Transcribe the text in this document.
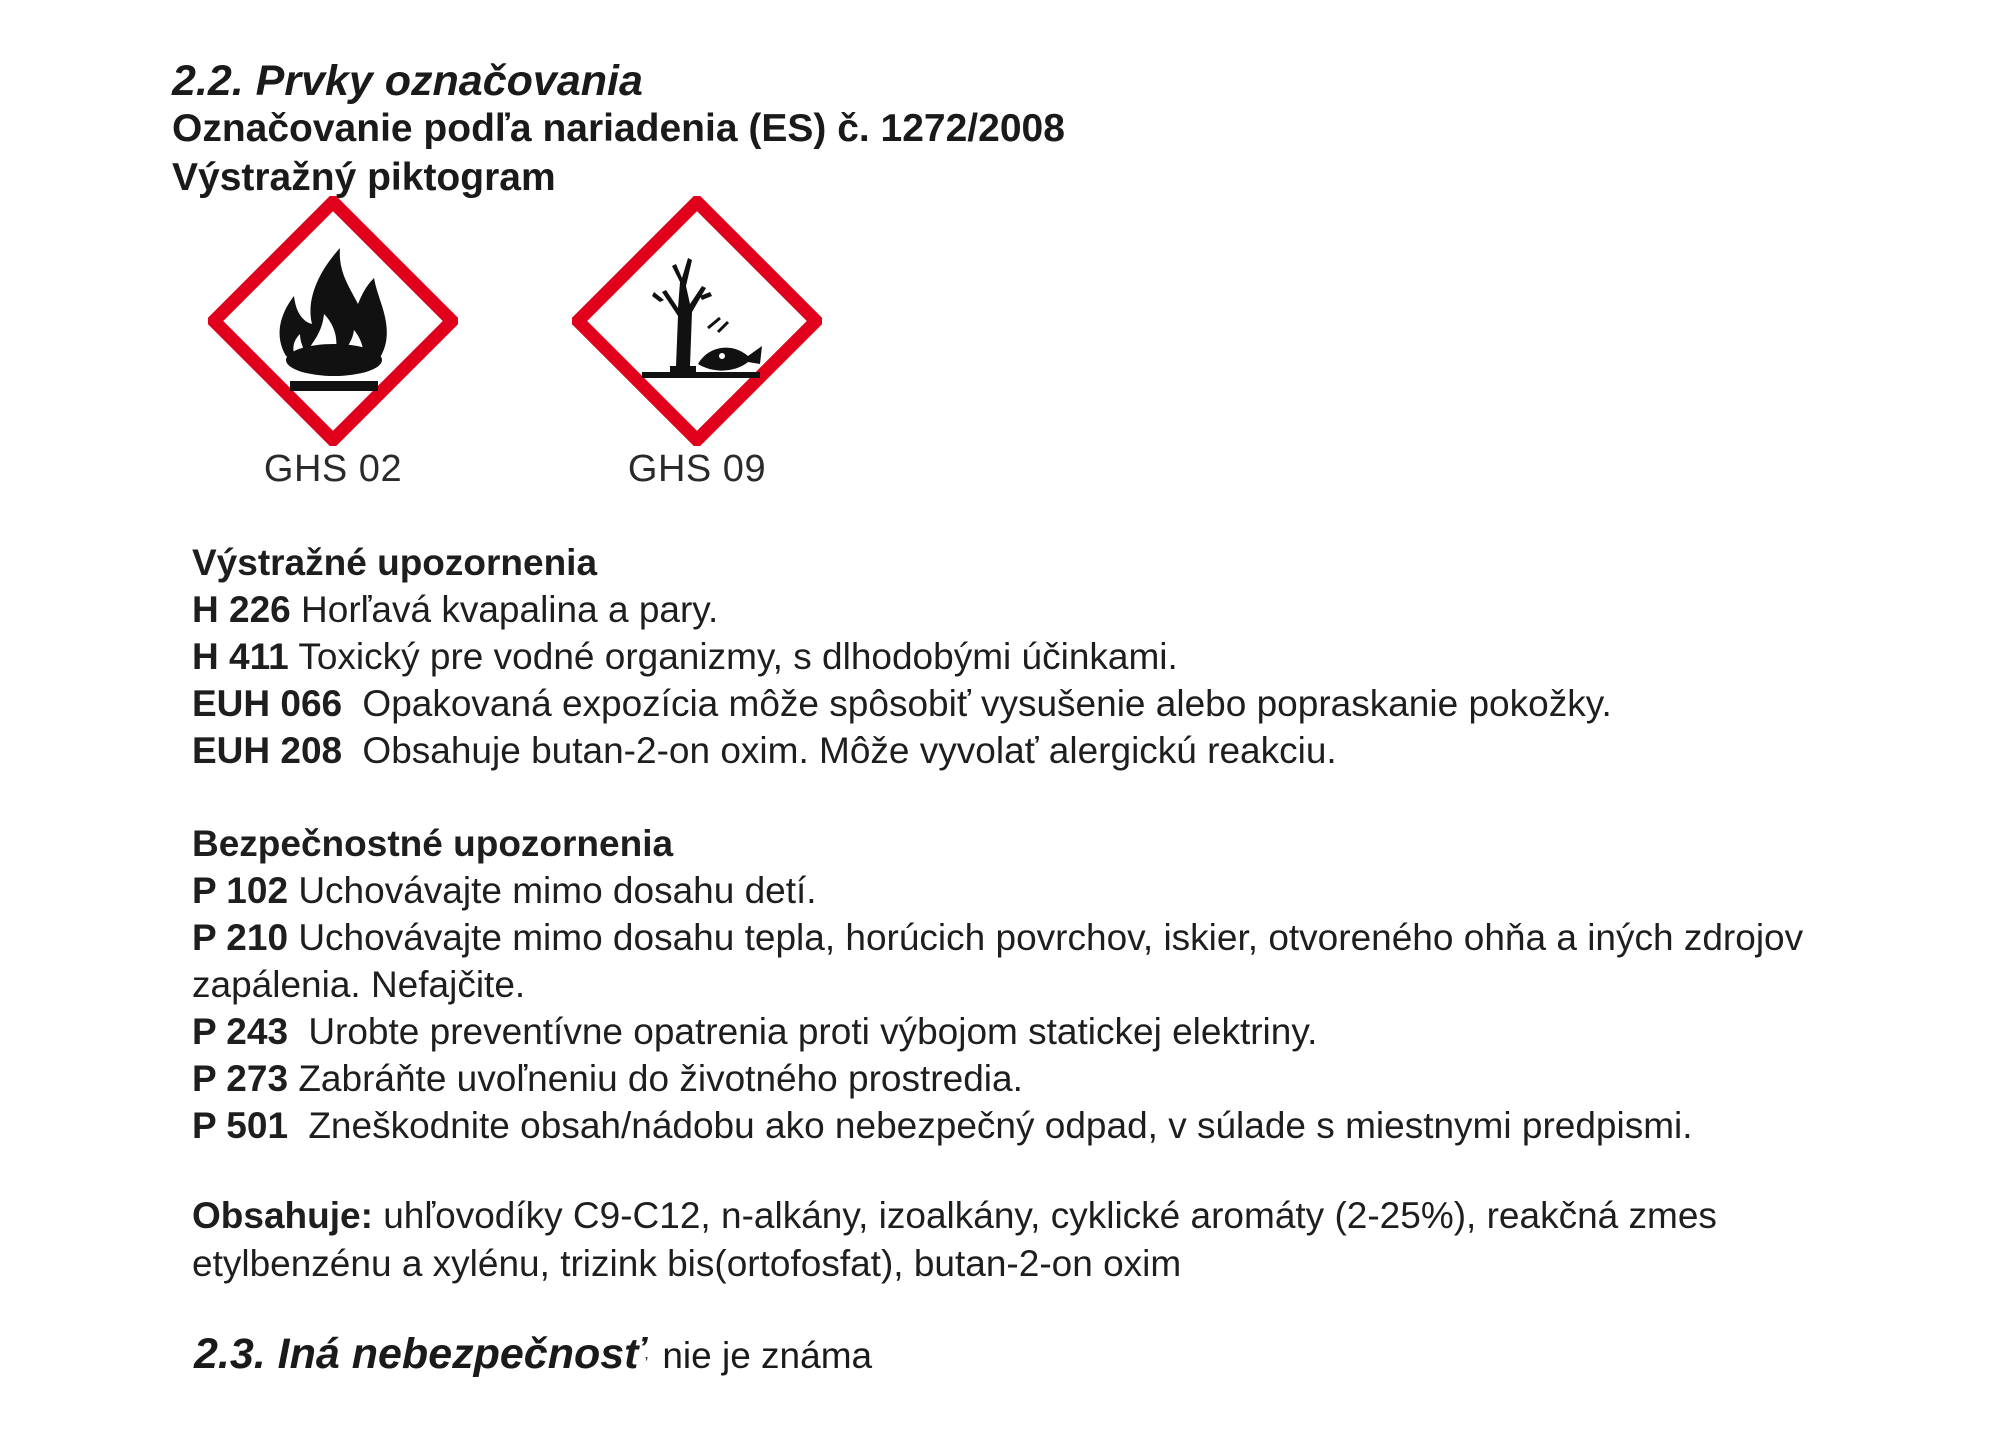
2.2. Prvky označovania
Označovanie podľa nariadenia (ES) č. 1272/2008
Výstražný piktogram
GHS 02	GHS 09
Výstražné upozornenia
H 226 Horľavá kvapalina a pary.
H 411 Toxický pre vodné organizmy, s dlhodobými účinkami.
EUH 066 Opakovaná expozícia môže spôsobiť vysušenie alebo popraskanie pokožky.
EUH 208 Obsahuje butan-2-on oxim. Môže vyvolať alergickú reakciu.
Bezpečnostné upozornenia
P 102 Uchovávajte mimo dosahu detí.
P 210 Uchovávajte mimo dosahu tepla, horúcich povrchov, iskier, otvoreného ohňa a iných zdrojov zapálenia. Nefajčite.
P 243 Urobte preventívne opatrenia proti výbojom statickej elektriny.
P 273 Zabráňte uvoľneniu do životného prostredia.
P 501 Zneškodnite obsah/nádobu ako nebezpečný odpad, v súlade s miestnymi predpismi.
Obsahuje: uhľovodíky C9-C12, n-alkány, izoalkány, cyklické aromáty (2-25%), reakčná zmes etylbenzénu a xylénu, trizink bis(ortofosfat), butan-2-on oxim
2.3. Iná nebezpečnosť’ nie je známa
